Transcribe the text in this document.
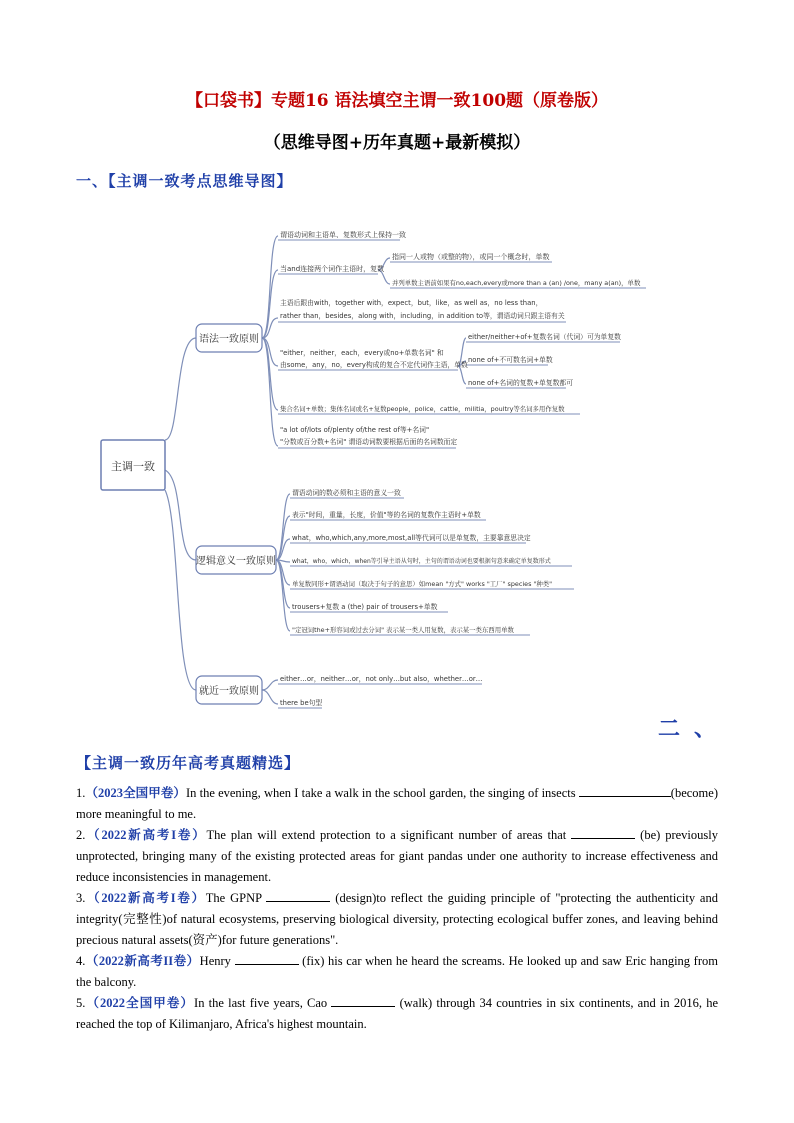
【口袋书】专题16 语法填空主谓一致100题（原卷版）
（思维导图+历年真题+最新模拟）
一、【主调一致考点思维导图】
主调一致
语法一致原则
逻辑意义一致原则
就近一致原则
谓语动词和主语单、复数形式上保持一致
当and连接两个词作主语时，复数
指同一人或物（或整的物），或同一个概念时，单数
并列单数主语前如果有no,each,every或more than a (an) /one，many a(an)，单数
主语后跟由with，together with，expect，but，like，as well as，no less than，
rather than，besides，along with，including，in addition to等，谓语动词只跟主语有关
"either，neither，each，every或no+单数名词" 和
由some，any，no，every构成的复合不定代词作主语，单数
either/neither+of+复数名词（代词）可为单复数
none of+不可数名词+单数
none of+名词的复数+单复数都可
集合名词+单数；集体名词或名+复数people，police，cattle，militia，poultry等名词多用作复数
"a lot of/lots of/plenty of/the rest of等+名词"
"分数或百分数+名词" 谓语动词数要根据后面的名词数而定
谓语动词的数必须和主语的意义一致
表示"时间，重量，长度，价值"等的名词的复数作主语时+单数
what，who,which,any,more,most,all等代词可以是单复数，主要靠意思决定
what，who，which，when等引导主语从句时，主句的谓语动词也要根据句意来确定单复数形式
单复数同形+谓语动词（取决于句子的意思）如mean "方式" works "工厂" species "种类"
trousers+复数 a (the) pair of trousers+单数
"定冠词the+形容词或过去分词" 表示某一类人用复数，表示某一类东西用单数
either…or，neither…or，not only…but also，whether…or…
there be句型
二、
【主调一致历年高考真题精选】

1.（2023全国甲卷）In the evening, when I take a walk in the school garden, the singing of insects	(become) more meaningful to me.

2.（2022新高考I卷）The plan will extend protection to a significant number of areas that	(be) previously unprotected, bringing many of the existing protected areas for giant pandas under one authority to increase effectiveness and reduce inconsistencies in management.

3.（2022新高考I卷）The GPNP	(design)to reflect the guiding principle of "protecting the authenticity and integrity(完整性)of natural ecosystems, preserving biological diversity, protecting ecological buffer zones, and leaving behind precious natural assets(资产)for future generations".

4.（2022新高考II卷）Henry	(fix) his car when he heard the screams. He looked up and saw Eric hanging from the balcony.

5.（2022全国甲卷）In the last five years, Cao	(walk) through 34 countries in six continents, and in 2016, he reached the top of Kilimanjaro, Africa's highest mountain.
